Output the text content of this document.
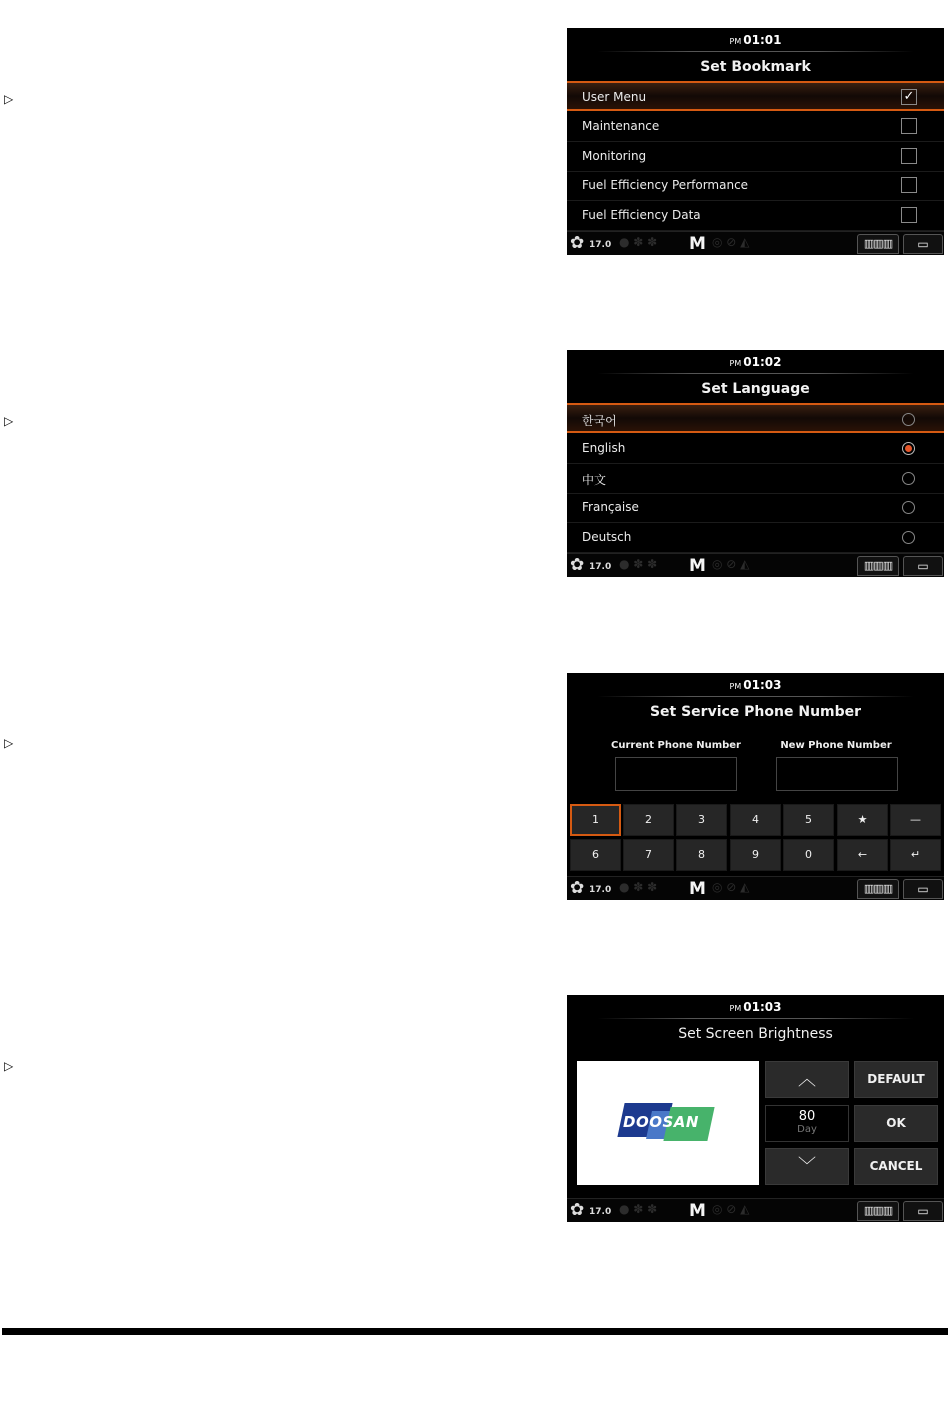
▷
▷
▷
▷
PM 01:01
Set Bookmark
User Menu	✓
Maintenance
Monitoring
Fuel Efficiency Performance
Fuel Efficiency Data
✿ 17.0 ● ✽ ✽ M ◎ ⊘ ◭	▥▥▥	▭
PM 01:02
Set Language
한국어
English
中文
Française
Deutsch
✿ 17.0 ● ✽ ✽ M ◎ ⊘ ◭	▥▥▥	▭
PM 01:03
Set Service Phone Number
Current Phone Number	New Phone Number
1	2	3	4	5	★	—
6	7	8	9	0	←	↵
✿ 17.0 ● ✽ ✽ M ◎ ⊘ ◭	▥▥▥	▭
PM 01:03
Set Screen Brightness
DOOSAN
︿
80
Day
﹀
DEFAULT
OK
CANCEL
✿ 17.0 ● ✽ ✽ M ◎ ⊘ ◭	▥▥▥	▭
